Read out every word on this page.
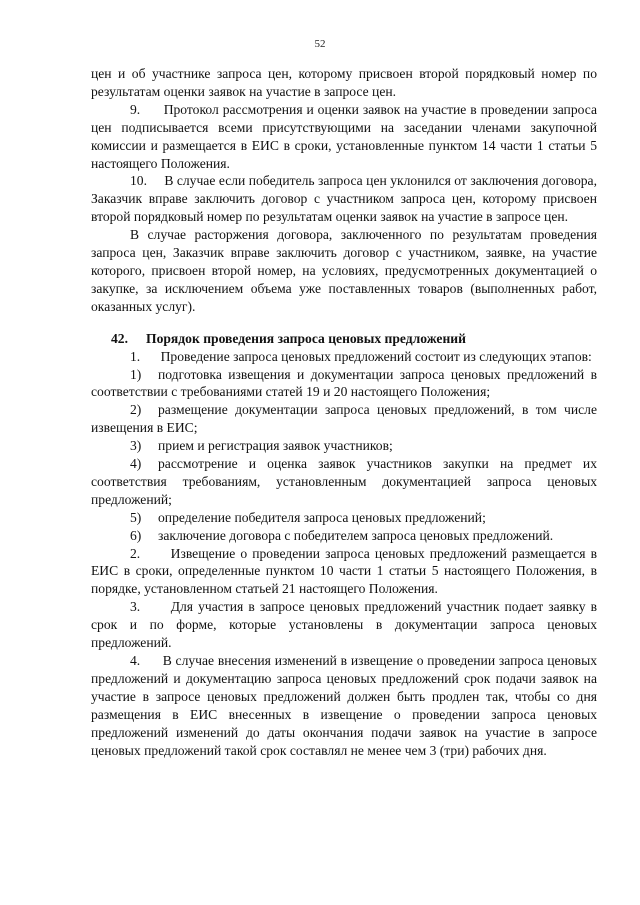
52

цен и об участнике запроса цен, которому присвоен второй порядковый номер по результатам оценки заявок на участие в запросе цен.

9.      Протокол рассмотрения и оценки заявок на участие в проведении запроса цен подписывается всеми присутствующими на заседании членами закупочной комиссии и размещается в ЕИС в сроки, установленные пунктом 14 части 1 статьи 5 настоящего Положения.

10.     В случае если победитель запроса цен уклонился от заключения договора, Заказчик вправе заключить договор с участником запроса цен, которому присвоен второй порядковый номер по результатам оценки заявок на участие в запросе цен.

В случае расторжения договора, заключенного по результатам проведения запроса цен, Заказчик вправе заключить договор с участником, заявке, на участие которого, присвоен второй номер, на условиях, предусмотренных документацией о закупке, за исключением объема уже поставленных товаров (выполненных работ, оказанных услуг).

42. Порядок проведения запроса ценовых предложений

1.      Проведение запроса ценовых предложений состоит из следующих этапов:

1) подготовка извещения и документации запроса ценовых предложений в соответствии с требованиями статей 19 и 20 настоящего Положения;

2) размещение документации запроса ценовых предложений, в том числе извещения в ЕИС;

3) прием и регистрация заявок участников;

4) рассмотрение и оценка заявок участников закупки на предмет их соответствия требованиям, установленным документацией запроса ценовых предложений;

5) определение победителя запроса ценовых предложений;

6) заключение договора с победителем запроса ценовых предложений.

2.      Извещение о проведении запроса ценовых предложений размещается в ЕИС в сроки, определенные пунктом 10 части 1 статьи 5 настоящего Положения, в порядке, установленном статьей 21 настоящего Положения.

3.      Для участия в запросе ценовых предложений участник подает заявку в срок и по форме, которые установлены в документации запроса ценовых предложений.

4.      В случае внесения изменений в извещение о проведении запроса ценовых предложений и документацию запроса ценовых предложений срок подачи заявок на участие в запросе ценовых предложений должен быть продлен так, чтобы со дня размещения в ЕИС внесенных в извещение о проведении запроса ценовых предложений изменений до даты окончания подачи заявок на участие в запросе ценовых предложений такой срок составлял не менее чем 3 (три) рабочих дня.
